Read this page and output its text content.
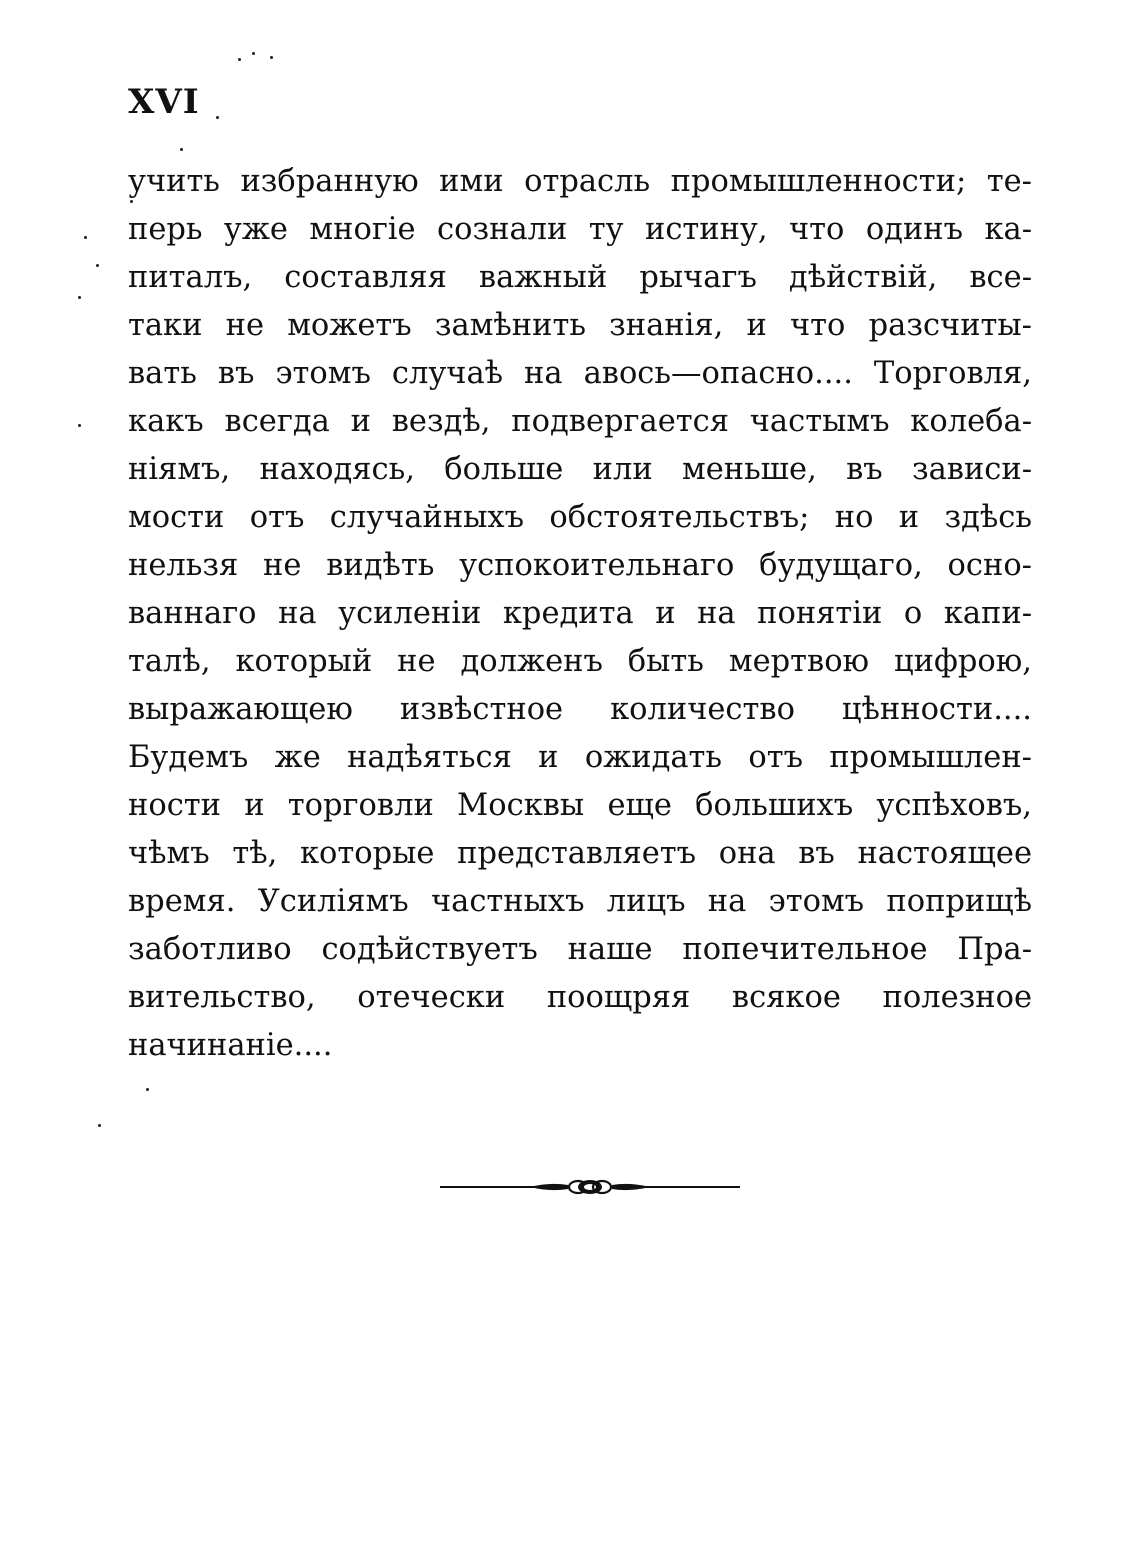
XVI
учить избранную ими отрасль промышленности; те-
перь уже многіе сознали ту истину, что одинъ ка-
питалъ, составляя важный рычагъ дѣйствій, все-
таки не можетъ замѣнить знанія, и что разсчиты-
вать въ этомъ случаѣ на авось—опасно.... Торговля,
какъ всегда и вездѣ, подвергается частымъ колеба-
ніямъ, находясь, больше или меньше, въ зависи-
мости отъ случайныхъ обстоятельствъ; но и здѣсь
нельзя не видѣть успокоительнаго будущаго, осно-
ваннаго на усиленіи кредита и на понятіи о капи-
талѣ, который не долженъ быть мертвою цифрою,
выражающею извѣстное количество цѣнности....
Будемъ же надѣяться и ожидать отъ промышлен-
ности и торговли Москвы еще большихъ успѣховъ,
чѣмъ тѣ, которые представляетъ она въ настоящее
время. Усиліямъ частныхъ лицъ на этомъ поприщѣ
заботливо содѣйствуетъ наше попечительное Пра-
вительство, отечески поощряя всякое полезное
начинаніе....
